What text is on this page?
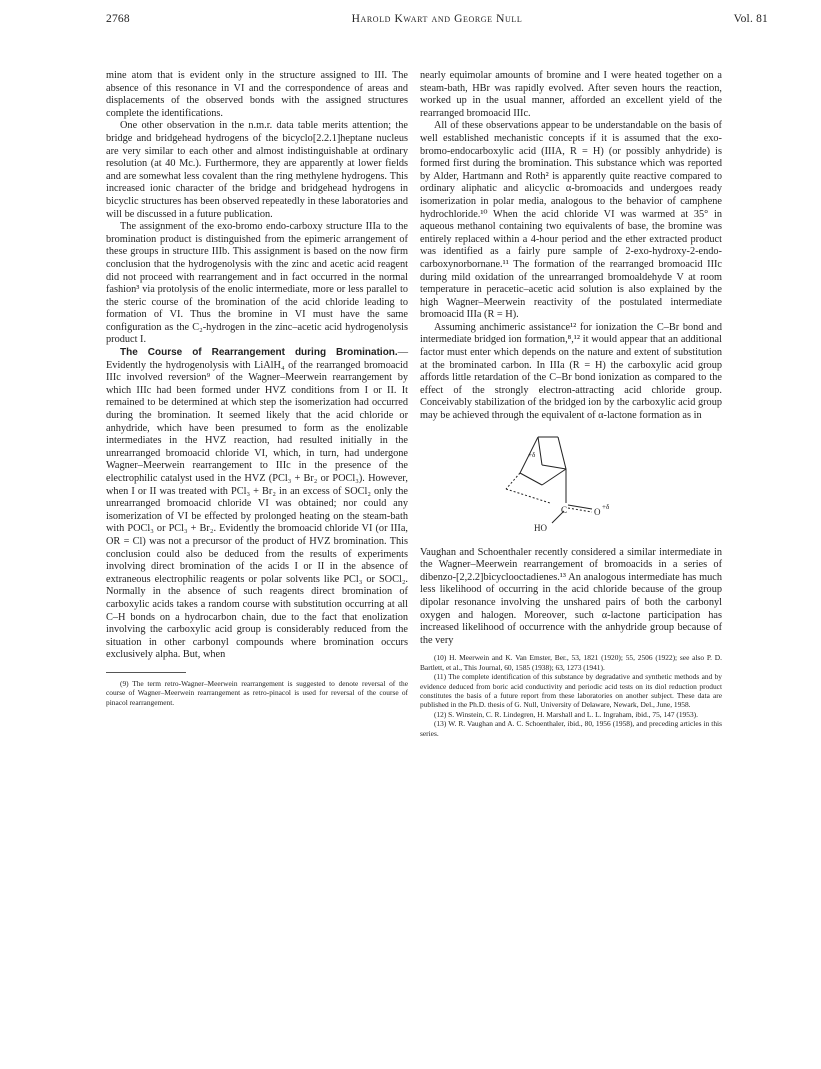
2768	Harold Kwart and George Null	Vol. 81

mine atom that is evident only in the structure assigned to III. The absence of this resonance in VI and the correspondence of areas and displacements of the observed bonds with the assigned structures complete the identifications.

One other observation in the n.m.r. data table merits attention; the bridge and bridgehead hydrogens of the bicyclo[2.2.1]heptane nucleus are very similar to each other and almost indistinguishable at ordinary resolution (at 40 Mc.). Furthermore, they are apparently at lower fields and are somewhat less covalent than the ring methylene hydrogens. This increased ionic character of the bridge and bridgehead hydrogens in bicyclic structures has been observed repeatedly in these laboratories and will be discussed in a future publication.

The assignment of the exo-bromo endo-carboxy structure IIIa to the bromination product is distinguished from the epimeric arrangement of these groups in structure IIIb. This assignment is based on the now firm conclusion that the hydrogenolysis with the zinc and acetic acid reagent did not proceed with rearrangement and in fact occurred in the normal fashion³ via protolysis of the enolic intermediate, more or less parallel to the steric course of the bromination of the acid chloride leading to formation of VI. Thus the bromine in VI must have the same configuration as the C₂-hydrogen in the zinc–acetic acid hydrogenolysis product I.

The Course of Rearrangement during Bromination.—Evidently the hydrogenolysis with LiAlH₄ of the rearranged bromoacid IIIc involved reversion⁹ of the Wagner–Meerwein rearrangement by which IIIc had been formed under HVZ conditions from I or II. It remained to be determined at which step the isomerization had occurred during the bromination. It seemed likely that the acid chloride or anhydride, which have been presumed to form as the enolizable intermediates in the HVZ reaction, had resulted initially in the unrearranged bromoacid chloride VI, which, in turn, had undergone Wagner–Meerwein rearrangement to IIIc in the presence of the electrophilic catalyst used in the HVZ (PCl₃ + Br₂ or POCl₃). However, when I or II was treated with PCl₃ + Br₂ in an excess of SOCl₂ only the unrearranged bromoacid chloride VI was obtained; nor could any isomerization of VI be effected by prolonged heating on the steam-bath with POCl₃ or PCl₃ + Br₂. Evidently the bromoacid chloride VI (or IIIa, OR = Cl) was not a precursor of the product of HVZ bromination. This conclusion could also be deduced from the results of experiments involving direct bromination of the acids I or II in the absence of extraneous electrophilic reagents or polar solvents like PCl₃ or SOCl₂. Normally in the absence of such reagents direct bromination of carboxylic acids takes a random course with substitution occurring at all C–H bonds on a hydrocarbon chain, due to the fact that enolization involving the carboxylic acid group is considerably reduced from the situation in other carbonyl compounds where bromination occurs exclusively alpha. But, when

(9) The term retro-Wagner–Meerwein rearrangement is suggested to denote reversal of the course of Wagner–Meerwein rearrangement as retro-pinacol is used for reversal of the course of pinacol rearrangement.

nearly equimolar amounts of bromine and I were heated together on a steam-bath, HBr was rapidly evolved. After seven hours the reaction, worked up in the usual manner, afforded an excellent yield of the rearranged bromoacid IIIc.

All of these observations appear to be understandable on the basis of well established mechanistic concepts if it is assumed that the exo-bromo-endocarboxylic acid (IIIA, R = H) (or possibly anhydride) is formed first during the bromination. This substance which was reported by Alder, Hartmann and Roth² is apparently quite reactive compared to ordinary aliphatic and alicyclic α-bromoacids and undergoes ready isomerization in polar media, analogous to the behavior of camphene hydrochloride.¹⁰ When the acid chloride VI was warmed at 35° in aqueous methanol containing two equivalents of base, the bromine was entirely replaced within a 4-hour period and the ether extracted product was identified as a fairly pure sample of 2-exo-hydroxy-2-endo-carboxynorbornane.¹¹ The formation of the rearranged bromoacid IIIc during mild oxidation of the unrearranged bromoaldehyde V at room temperature in peracetic–acetic acid solution is also explained by the high Wagner–Meerwein reactivity of the postulated intermediate bromoacid IIIa (R = H).

Assuming anchimeric assistance¹² for ionization the C–Br bond and intermediate bridged ion formation,⁸,¹² it would appear that an additional factor must enter which depends on the nature and extent of substitution at the brominated carbon. In IIIa (R = H) the carboxylic acid group affords little retardation of the C–Br bond ionization as compared to the effect of the strongly electron-attracting acid chloride group. Conceivably stabilization of the bridged ion by the carboxylic acid group may be achieved through the equivalent of α-lactone formation as in

+δ
C	O +δ
HO

Vaughan and Schoenthaler recently considered a similar intermediate in the Wagner–Meerwein rearrangement of bromoacids in a series of dibenzo-[2,2.2]bicyclooctadienes.¹³ An analogous intermediate has much less likelihood of occurring in the acid chloride because of the group dipolar resonance involving the unshared pairs of both the carbonyl oxygen and halogen. Moreover, such α-lactone participation has increased likelihood of occurrence with the anhydride group because of the very

(10) H. Meerwein and K. Van Emster, Ber., 53, 1821 (1920); 55, 2506 (1922); see also P. D. Bartlett, et al., This Journal, 60, 1585 (1938); 63, 1273 (1941).

(11) The complete identification of this substance by degradative and synthetic methods and by evidence deduced from boric acid conductivity and periodic acid tests on its diol reduction product constitutes the basis of a future report from these laboratories on another subject. These data are published in the Ph.D. thesis of G. Null, University of Delaware, Newark, Del., June, 1958.

(12) S. Winstein, C. R. Lindegren, H. Marshall and L. L. Ingraham, ibid., 75, 147 (1953).

(13) W. R. Vaughan and A. C. Schoenthaler, ibid., 80, 1956 (1958), and preceding articles in this series.
